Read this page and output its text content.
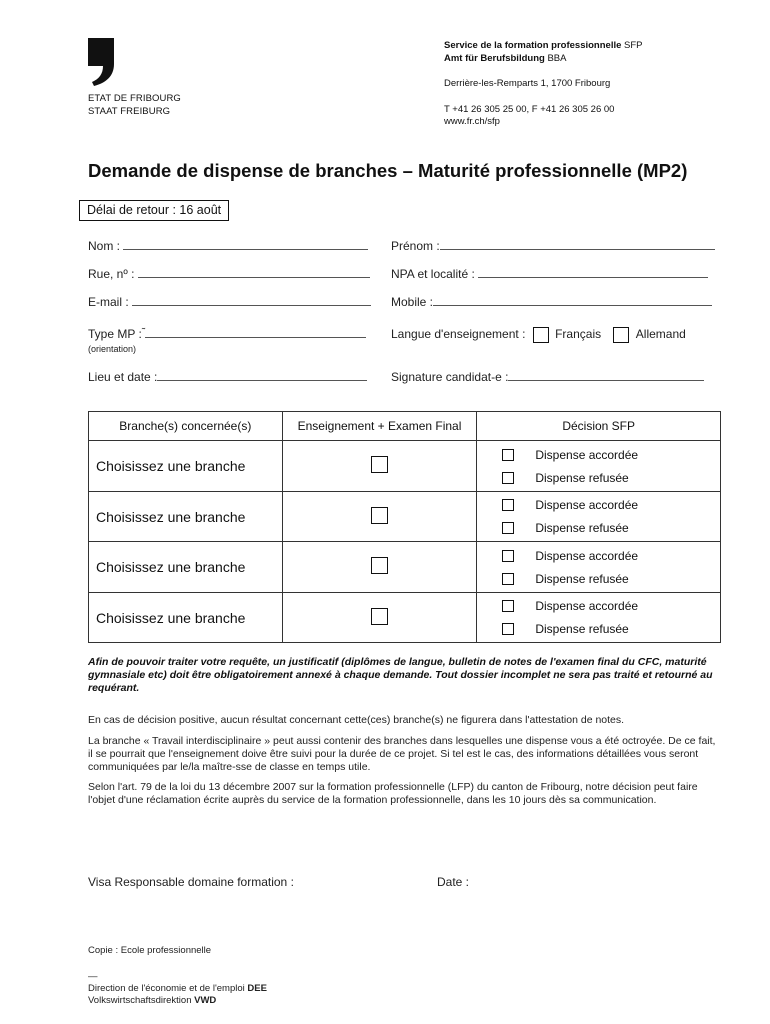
ETAT DE FRIBOURG
STAAT FREIBURG
Service de la formation professionnelle SFP
Amt für Berufsbildung BBA
Derrière-les-Remparts 1, 1700 Fribourg
T +41 26 305 25 00, F +41 26 305 26 00
www.fr.ch/sfp
Demande de dispense de branches – Maturité professionnelle (MP2)
Délai de retour : 16 août
Nom :	Prénom :
Rue, nº :	NPA et localité :
E-mail :	Mobile :
Type MP :˜
(orientation)
Langue d'enseignement : Français	Allemand
Lieu et date :	Signature candidat-e :
Branche(s) concernée(s)	Enseignement + Examen Final	Décision SFP
Choisissez une branche		Dispense accordée
Dispense refusée

Choisissez une branche		Dispense accordée
Dispense refusée

Choisissez une branche		Dispense accordée
Dispense refusée

Choisissez une branche		Dispense accordée
Dispense refusée
Afin de pouvoir traiter votre requête, un justificatif (diplômes de langue, bulletin de notes de l'examen final du CFC, maturité gymnasiale etc) doit être obligatoirement annexé à chaque demande. Tout dossier incomplet ne sera pas traité et retourné au requérant.
En cas de décision positive, aucun résultat concernant cette(ces) branche(s) ne figurera dans l'attestation de notes.
La branche « Travail interdisciplinaire » peut aussi contenir des branches dans lesquelles une dispense vous a été octroyée. De ce fait, il se pourrait que l'enseignement doive être suivi pour la durée de ce projet. Si tel est le cas, des informations détaillées vous seront communiquées par le/la maître-sse de classe en temps utile.
Selon l'art. 79 de la loi du 13 décembre 2007 sur la formation professionnelle (LFP) du canton de Fribourg, notre décision peut faire l'objet d'une réclamation écrite auprès du service de la formation professionnelle, dans les 10 jours dès sa communication.
Visa Responsable domaine formation :	Date :
Copie : Ecole professionnelle
—
Direction de l'économie et de l'emploi DEE
Volkswirtschaftsdirektion VWD
